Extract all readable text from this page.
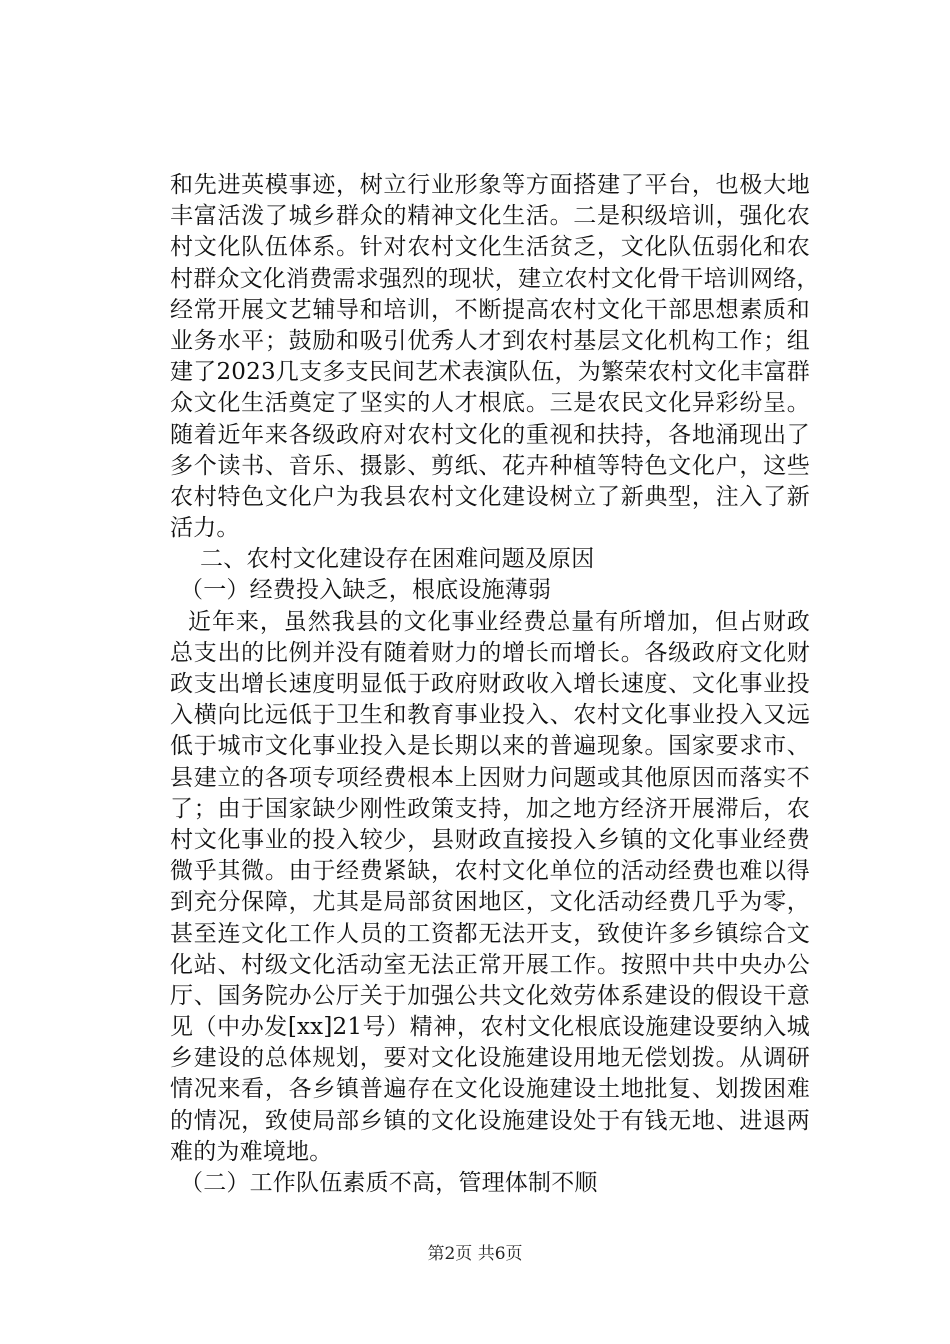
和先进英模事迹，树立行业形象等方面搭建了平台，也极大地
丰富活泼了城乡群众的精神文化生活。二是积级培训，强化农
村文化队伍体系。针对农村文化生活贫乏，文化队伍弱化和农
村群众文化消费需求强烈的现状，建立农村文化骨干培训网络，
经常开展文艺辅导和培训，不断提高农村文化干部思想素质和
业务水平；鼓励和吸引优秀人才到农村基层文化机构工作；组
建了2023几支多支民间艺术表演队伍，为繁荣农村文化丰富群
众文化生活奠定了坚实的人才根底。三是农民文化异彩纷呈。
随着近年来各级政府对农村文化的重视和扶持，各地涌现出了
多个读书、音乐、摄影、剪纸、花卉种植等特色文化户，这些
农村特色文化户为我县农村文化建设树立了新典型，注入了新
活力。
二、农村文化建设存在困难问题及原因
（一）经费投入缺乏，根底设施薄弱
近年来，虽然我县的文化事业经费总量有所增加，但占财政
总支出的比例并没有随着财力的增长而增长。各级政府文化财
政支出增长速度明显低于政府财政收入增长速度、文化事业投
入横向比远低于卫生和教育事业投入、农村文化事业投入又远
低于城市文化事业投入是长期以来的普遍现象。国家要求市、
县建立的各项专项经费根本上因财力问题或其他原因而落实不
了；由于国家缺少刚性政策支持，加之地方经济开展滞后，农
村文化事业的投入较少，县财政直接投入乡镇的文化事业经费
微乎其微。由于经费紧缺，农村文化单位的活动经费也难以得
到充分保障，尤其是局部贫困地区，文化活动经费几乎为零，
甚至连文化工作人员的工资都无法开支，致使许多乡镇综合文
化站、村级文化活动室无法正常开展工作。按照中共中央办公
厅、国务院办公厅关于加强公共文化效劳体系建设的假设干意
见（中办发[xx]21号）精神，农村文化根底设施建设要纳入城
乡建设的总体规划，要对文化设施建设用地无偿划拨。从调研
情况来看，各乡镇普遍存在文化设施建设土地批复、划拨困难
的情况，致使局部乡镇的文化设施建设处于有钱无地、进退两
难的为难境地。
（二）工作队伍素质不高，管理体制不顺
第2页 共6页
